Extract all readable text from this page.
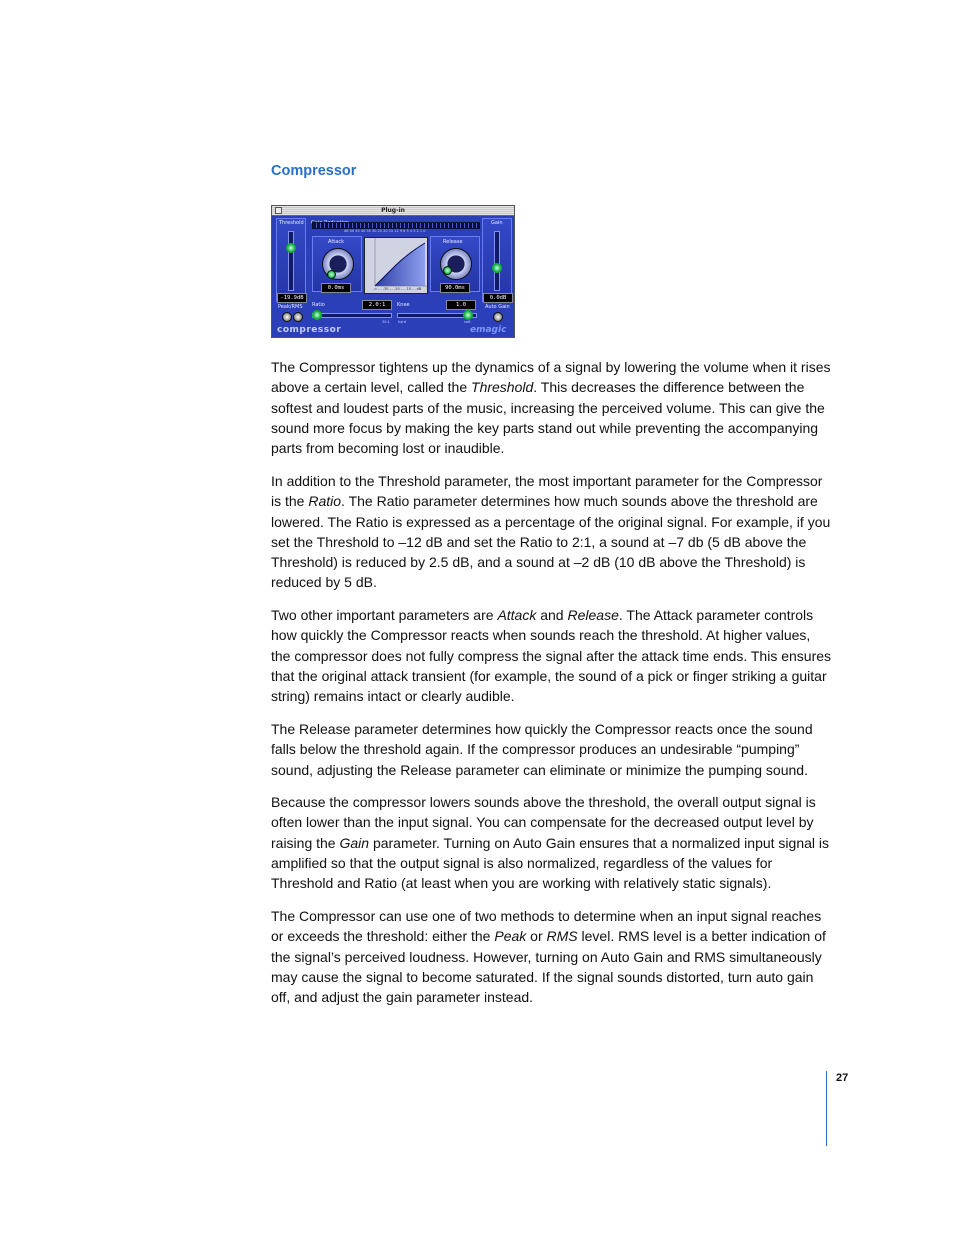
Compressor
Plug-in
Threshold
-19.9dB
dB 50 45 40 35 30 25 20 15 12 9 6 5 4 3 2 1 0
Attack
0.0ms	-∞ ... -30 ... -20 ... -10 ... dB
Release
90.0ms
Gain
0.0dB
Peak/RMS Ratio	2.0:1
30:1
Knee	1.0
hard	soft
Auto Gain
compressor	emagic

The Compressor tightens up the dynamics of a signal by lowering the volume when it rises above a certain level, called the Threshold. This decreases the difference between the softest and loudest parts of the music, increasing the perceived volume. This can give the sound more focus by making the key parts stand out while preventing the accompanying parts from becoming lost or inaudible.

In addition to the Threshold parameter, the most important parameter for the Compressor is the Ratio. The Ratio parameter determines how much sounds above the threshold are lowered. The Ratio is expressed as a percentage of the original signal. For example, if you set the Threshold to –12 dB and set the Ratio to 2:1, a sound at –7 db (5 dB above the Threshold) is reduced by 2.5 dB, and a sound at –2 dB (10 dB above the Threshold) is reduced by 5 dB.

Two other important parameters are Attack and Release. The Attack parameter controls how quickly the Compressor reacts when sounds reach the threshold. At higher values, the compressor does not fully compress the signal after the attack time ends. This ensures that the original attack transient (for example, the sound of a pick or finger striking a guitar string) remains intact or clearly audible.

The Release parameter determines how quickly the Compressor reacts once the sound falls below the threshold again. If the compressor produces an undesirable “pumping” sound, adjusting the Release parameter can eliminate or minimize the pumping sound.

Because the compressor lowers sounds above the threshold, the overall output signal is often lower than the input signal. You can compensate for the decreased output level by raising the Gain parameter. Turning on Auto Gain ensures that a normalized input signal is amplified so that the output signal is also normalized, regardless of the values for Threshold and Ratio (at least when you are working with relatively static signals).

The Compressor can use one of two methods to determine when an input signal reaches or exceeds the threshold: either the Peak or RMS level. RMS level is a better indication of the signal’s perceived loudness. However, turning on Auto Gain and RMS simultaneously may cause the signal to become saturated. If the signal sounds distorted, turn auto gain off, and adjust the gain parameter instead.

27
